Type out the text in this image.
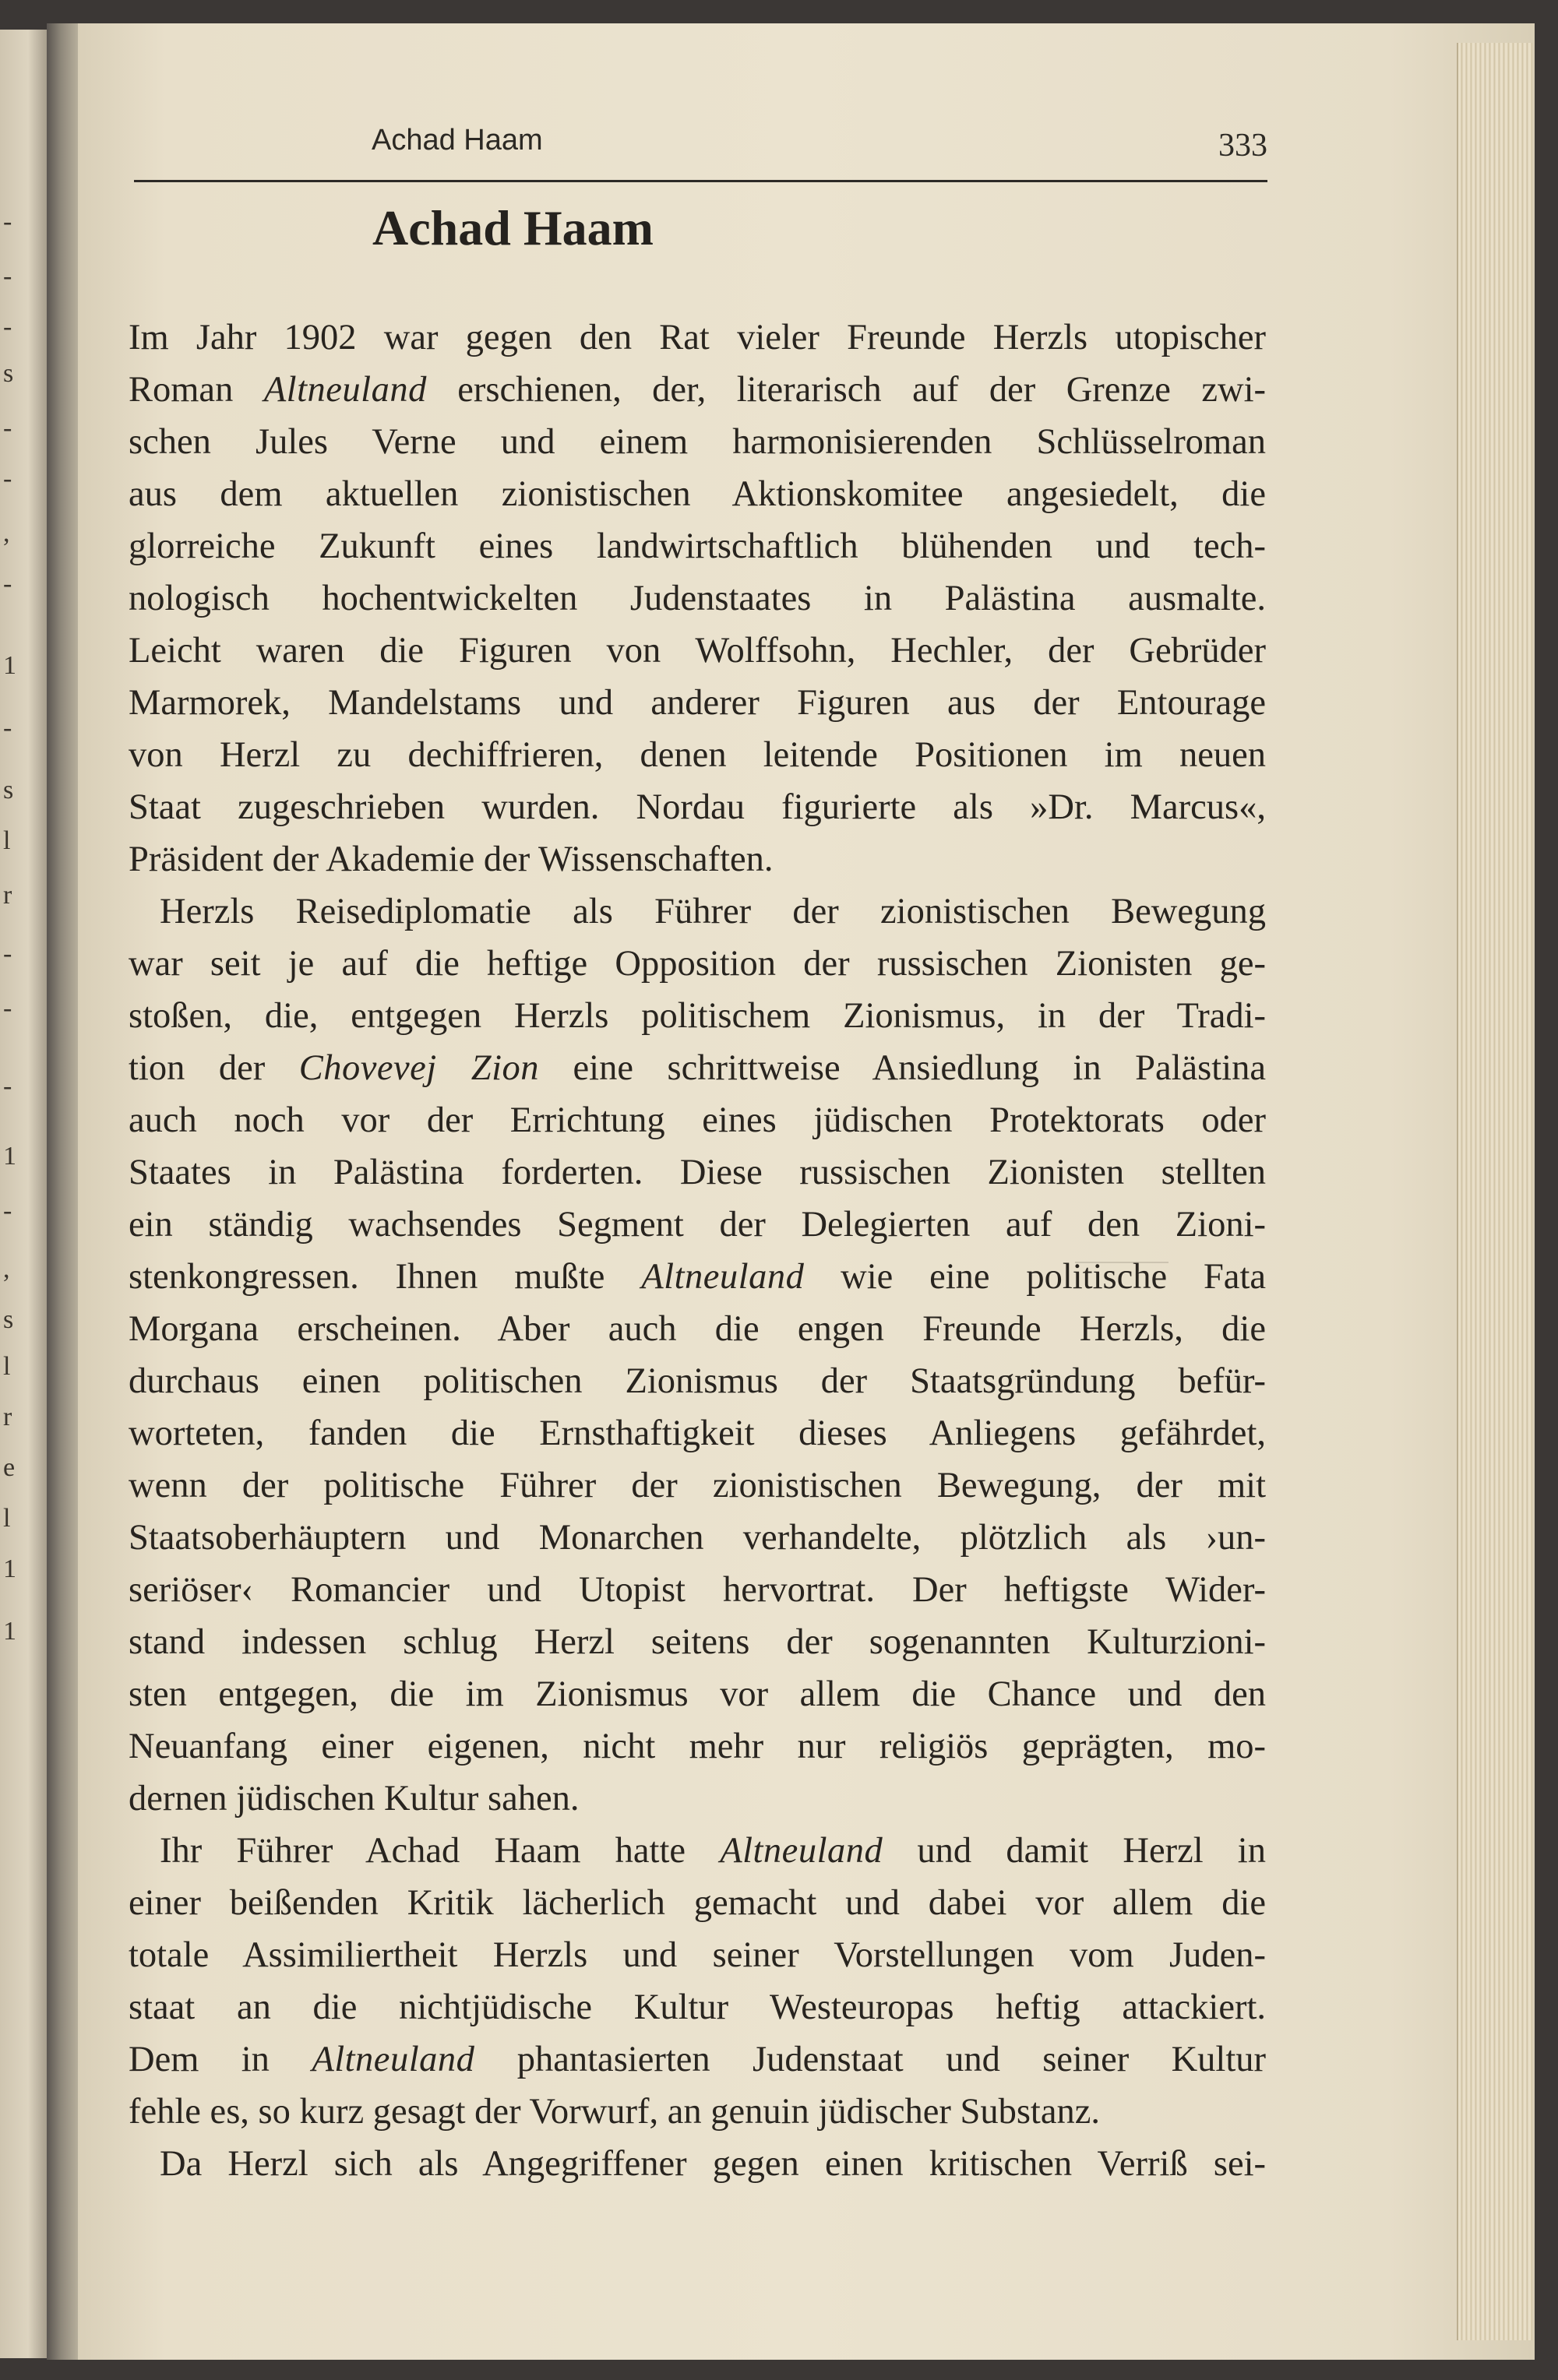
-
-
-
s
-
-
,
-
1
-
s
l
r
-
-
-
1
-
,
s
l
r
e
l
1
1
Achad Haam	333
Achad Haam
Im Jahr 1902 war gegen den Rat vieler Freunde Herzls utopischer
Roman Altneuland erschienen, der, literarisch auf der Grenze zwi-
schen Jules Verne und einem harmonisierenden Schlüsselroman
aus dem aktuellen zionistischen Aktionskomitee angesiedelt, die
glorreiche Zukunft eines landwirtschaftlich blühenden und tech-
nologisch hochentwickelten Judenstaates in Palästina ausmalte.
Leicht waren die Figuren von Wolffsohn, Hechler, der Gebrüder
Marmorek, Mandelstams und anderer Figuren aus der Entourage
von Herzl zu dechiffrieren, denen leitende Positionen im neuen
Staat zugeschrieben wurden. Nordau figurierte als »Dr. Marcus«,
Präsident der Akademie der Wissenschaften.
Herzls Reisediplomatie als Führer der zionistischen Bewegung
war seit je auf die heftige Opposition der russischen Zionisten ge-
stoßen, die, entgegen Herzls politischem Zionismus, in der Tradi-
tion der Chovevej Zion eine schrittweise Ansiedlung in Palästina
auch noch vor der Errichtung eines jüdischen Protektorats oder
Staates in Palästina forderten. Diese russischen Zionisten stellten
ein ständig wachsendes Segment der Delegierten auf den Zioni-
stenkongressen. Ihnen mußte Altneuland wie eine politische Fata
Morgana erscheinen. Aber auch die engen Freunde Herzls, die
durchaus einen politischen Zionismus der Staatsgründung befür-
worteten, fanden die Ernsthaftigkeit dieses Anliegens gefährdet,
wenn der politische Führer der zionistischen Bewegung, der mit
Staatsoberhäuptern und Monarchen verhandelte, plötzlich als ›un-
seriöser‹ Romancier und Utopist hervortrat. Der heftigste Wider-
stand indessen schlug Herzl seitens der sogenannten Kulturzioni-
sten entgegen, die im Zionismus vor allem die Chance und den
Neuanfang einer eigenen, nicht mehr nur religiös geprägten, mo-
dernen jüdischen Kultur sahen.
Ihr Führer Achad Haam hatte Altneuland und damit Herzl in
einer beißenden Kritik lächerlich gemacht und dabei vor allem die
totale Assimiliertheit Herzls und seiner Vorstellungen vom Juden-
staat an die nichtjüdische Kultur Westeuropas heftig attackiert.
Dem in Altneuland phantasierten Judenstaat und seiner Kultur
fehle es, so kurz gesagt der Vorwurf, an genuin jüdischer Substanz.
Da Herzl sich als Angegriffener gegen einen kritischen Verriß sei-
